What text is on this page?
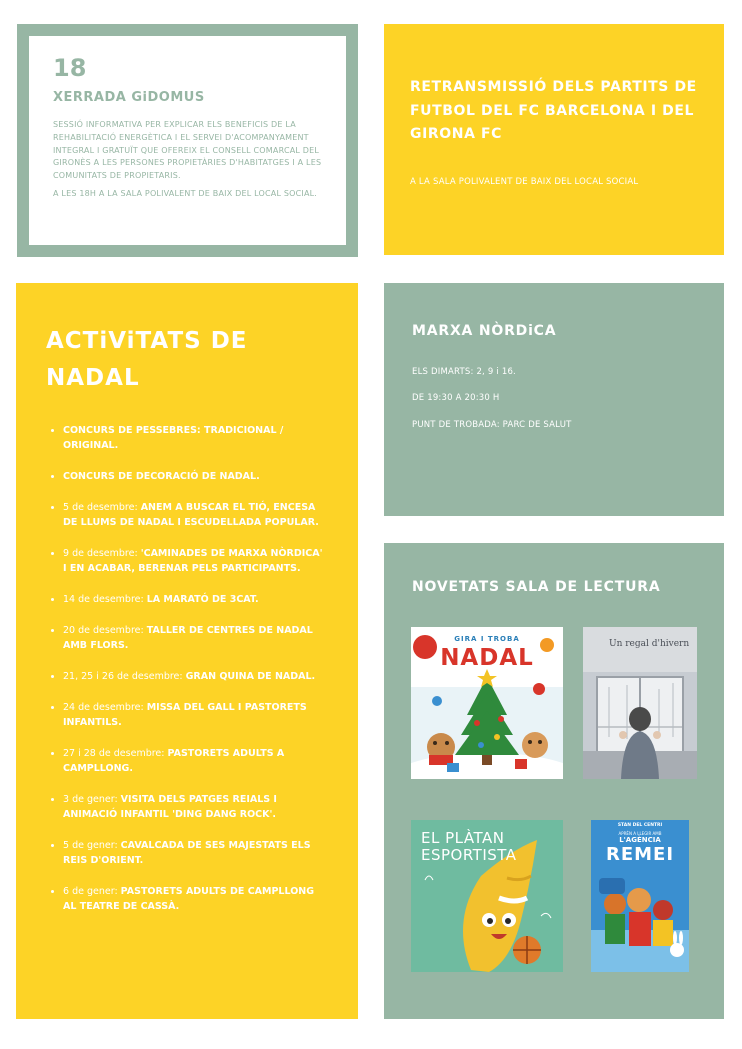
18
XERRADA GiDOMUS
SESSIÓ INFORMATIVA PER EXPLICAR ELS BENEFICIS DE LA REHABILITACIÓ ENERGÈTICA I EL SERVEI D'ACOMPANYAMENT INTEGRAL I GRATUÏT QUE OFEREIX EL CONSELL COMARCAL DEL GIRONÈS A LES PERSONES PROPIETÀRIES D'HABITATGES I A LES COMUNITATS DE PROPIETARIS.
A LES 18H A LA SALA POLIVALENT DE BAIX DEL LOCAL SOCIAL.
RETRANSMISSIÓ DELS PARTITS DE FUTBOL DEL FC BARCELONA I DEL GIRONA FC
A LA SALA POLIVALENT DE BAIX DEL LOCAL SOCIAL
ACTiViTATS DE NADAL
CONCURS DE PESSEBRES: TRADICIONAL / ORIGINAL.
CONCURS DE DECORACIÓ DE NADAL.
5 de desembre: ANEM A BUSCAR EL TIÓ, ENCESA DE LLUMS DE NADAL I ESCUDELLADA POPULAR.
9 de desembre: 'CAMINADES DE MARXA NÒRDICA' I EN ACABAR, BERENAR PELS PARTICIPANTS.
14 de desembre: LA MARATÓ DE 3CAT.
20 de desembre: TALLER DE CENTRES DE NADAL AMB FLORS.
21, 25 i 26 de desembre: GRAN QUINA DE NADAL.
24 de desembre: MISSA DEL GALL I PASTORETS INFANTILS.
27 i 28 de desembre: PASTORETS ADULTS A CAMPLLONG.
3 de gener: VISITA DELS PATGES REIALS I ANIMACIÓ INFANTIL 'DING DANG ROCK'.
5 de gener: CAVALCADA DE SES MAJESTATS ELS REIS D'ORIENT.
6 de gener: PASTORETS ADULTS DE CAMPLLONG AL TEATRE DE CASSÀ.
MARXA NÒRDiCA
ELS DIMARTS: 2, 9 i 16.
DE 19:30 A 20:30 H
PUNT DE TROBADA: PARC DE SALUT
NOVETATS SALA DE LECTURA
GIRA I TROBA
NADAL
Un regal d'hivern
EL PLÀTAN ESPORTISTA
STAN DEL CENTRI
APRÈN A LLEGIR AMB
L'AGÈNCIA
REMEI
